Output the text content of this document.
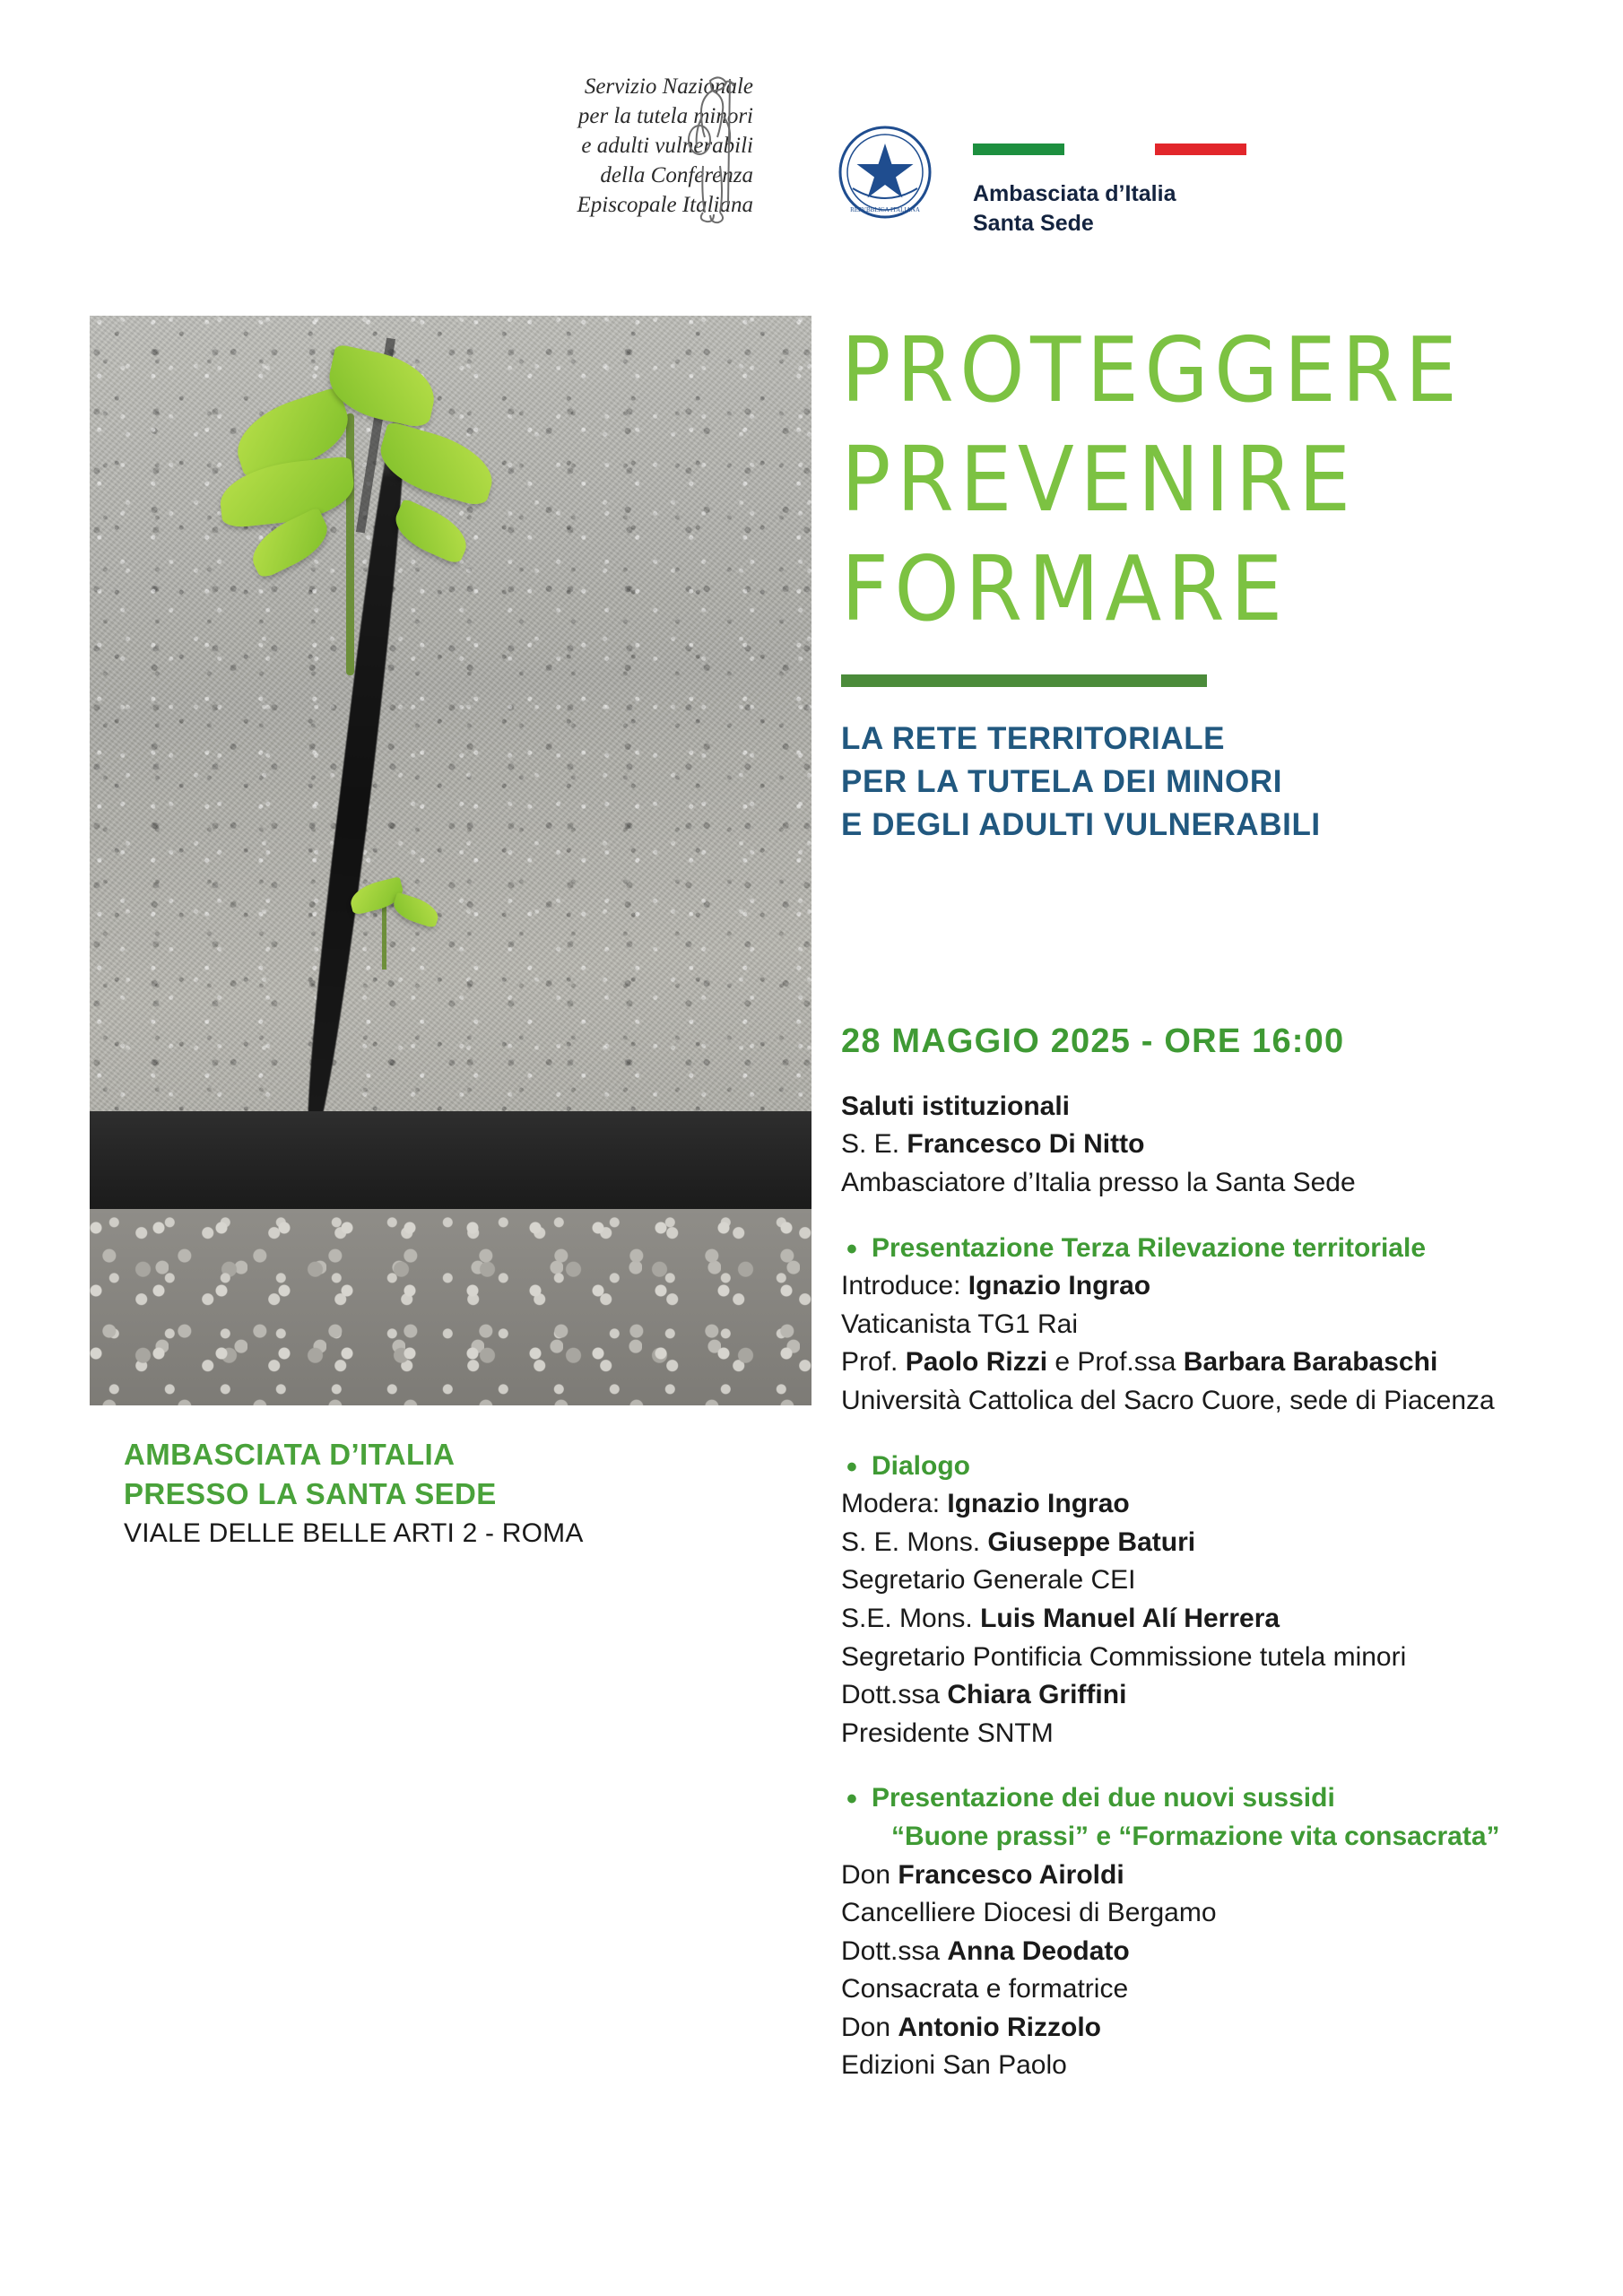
Servizio Nazionale
per la tutela minori
e adulti vulnerabili
della Conferenza
Episcopale Italiana	REPVBBLICA ITALIANA
Ambasciata d’Italia
Santa Sede
AMBASCIATA D’ITALIA
PRESSO LA SANTA SEDE
VIALE DELLE BELLE ARTI 2 - ROMA
PROTEGGERE
PREVENIRE
FORMARE
LA RETE TERRITORIALE
PER LA TUTELA DEI MINORI
E DEGLI ADULTI VULNERABILI
28 MAGGIO 2025 - ORE 16:00
Saluti istituzionali
S. E. Francesco Di Nitto
Ambasciatore d’Italia presso la Santa Sede
• Presentazione Terza Rilevazione territoriale
Introduce: Ignazio Ingrao
Vaticanista TG1 Rai
Prof. Paolo Rizzi e Prof.ssa Barbara Barabaschi
Università Cattolica del Sacro Cuore, sede di Piacenza
• Dialogo
Modera: Ignazio Ingrao
S. E. Mons. Giuseppe Baturi
Segretario Generale CEI
S.E. Mons. Luis Manuel Alí Herrera
Segretario Pontificia Commissione tutela minori
Dott.ssa Chiara Griffini
Presidente SNTM
• Presentazione dei due nuovi sussidi
“Buone prassi” e “Formazione vita consacrata”
Don Francesco Airoldi
Cancelliere Diocesi di Bergamo
Dott.ssa Anna Deodato
Consacrata e formatrice
Don Antonio Rizzolo
Edizioni San Paolo
